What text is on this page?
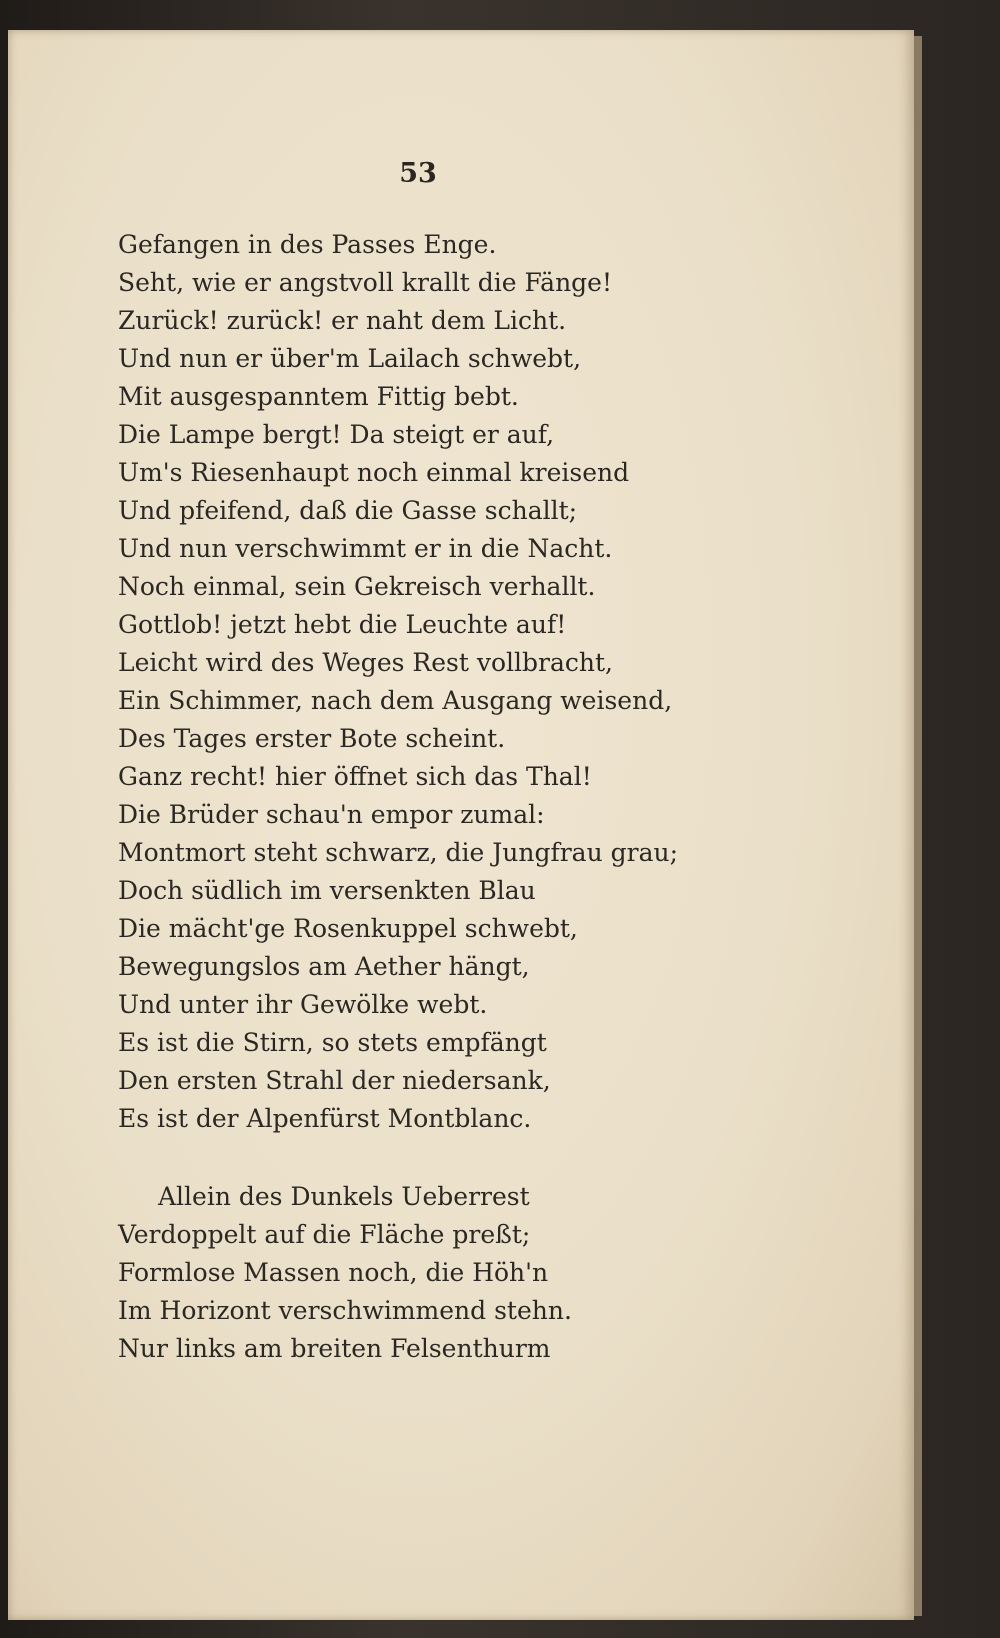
53
Gefangen in des Passes Enge.
Seht, wie er angstvoll krallt die Fänge!
Zurück! zurück! er naht dem Licht.
Und nun er über'm Lailach schwebt,
Mit ausgespanntem Fittig bebt.
Die Lampe bergt! Da steigt er auf,
Um's Riesenhaupt noch einmal kreisend
Und pfeifend, daß die Gasse schallt;
Und nun verschwimmt er in die Nacht.
Noch einmal, sein Gekreisch verhallt.
Gottlob! jetzt hebt die Leuchte auf!
Leicht wird des Weges Rest vollbracht,
Ein Schimmer, nach dem Ausgang weisend,
Des Tages erster Bote scheint.
Ganz recht! hier öffnet sich das Thal!
Die Brüder schau'n empor zumal:
Montmort steht schwarz, die Jungfrau grau;
Doch südlich im versenkten Blau
Die mächt'ge Rosenkuppel schwebt,
Bewegungslos am Aether hängt,
Und unter ihr Gewölke webt.
Es ist die Stirn, so stets empfängt
Den ersten Strahl der niedersank,
Es ist der Alpenfürst Montblanc.
Allein des Dunkels Ueberrest
Verdoppelt auf die Fläche preßt;
Formlose Massen noch, die Höh'n
Im Horizont verschwimmend stehn.
Nur links am breiten Felsenthurm
